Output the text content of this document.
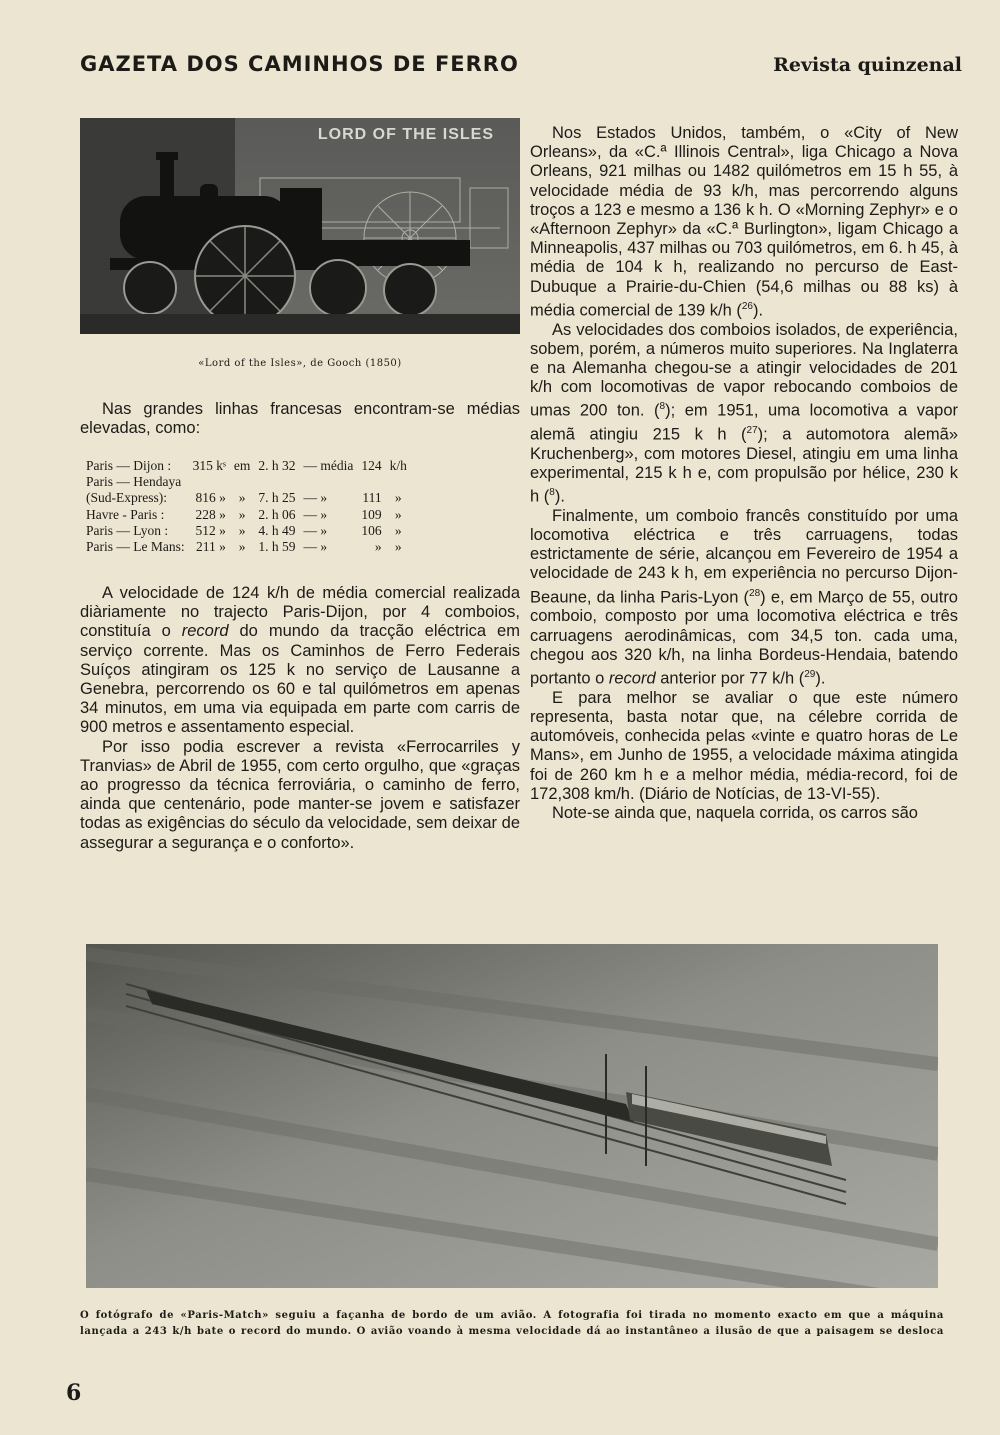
GAZETA DOS CAMINHOS DE FERRO	Revista quinzenal
LORD OF THE ISLES
«Lord of the Isles», de Gooch (1850)

Nas grandes linhas francesas encontram-se médias elevadas, como:

Paris — Dijon :	315 kˢ	em	2. h 32	— média	124	k/h
Paris — Hendaya						
(Sud-Express):	816 »	»	7. h 25	— »	111	»
Havre - Paris :	228 »	»	2. h 06	— »	109	»
Paris — Lyon :	512 »	»	4. h 49	— »	106	»
Paris — Le Mans:	211 »	»	1. h 59	— »	»	»

A velocidade de 124 k/h de média comercial realizada diàriamente no trajecto Paris-Dijon, por 4 comboios, constituía o record do mundo da tracção eléctrica em serviço corrente. Mas os Caminhos de Ferro Federais Suíços atingiram os 125 k no serviço de Lausanne a Genebra, percorrendo os 60 e tal quilómetros em apenas 34 minutos, em uma via equipada em parte com carris de 900 metros e assentamento especial.

Por isso podia escrever a revista «Ferrocarriles y Tranvias» de Abril de 1955, com certo orgulho, que «graças ao progresso da técnica ferroviária, o caminho de ferro, ainda que centenário, pode manter-se jovem e satisfazer todas as exigências do século da velocidade, sem deixar de assegurar a segurança e o conforto».

Nos Estados Unidos, também, o «City of New Orleans», da «C.ª Illinois Central», liga Chicago a Nova Orleans, 921 milhas ou 1482 quilómetros em 15 h 55, à velocidade média de 93 k/h, mas percorrendo alguns troços a 123 e mesmo a 136 k h. O «Morning Zephyr» e o «Afternoon Zephyr» da «C.ª Burlington», ligam Chicago a Minneapolis, 437 milhas ou 703 quilómetros, em 6. h 45, à média de 104 k h, realizando no percurso de East-Dubuque a Prairie-du-Chien (54,6 milhas ou 88 ks) à média comercial de 139 k/h ($^{26}$).

As velocidades dos comboios isolados, de experiência, sobem, porém, a números muito superiores. Na Inglaterra e na Alemanha chegou-se a atingir velocidades de 201 k/h com locomotivas de vapor rebocando comboios de umas 200 ton. ($^8$); em 1951, uma locomotiva a vapor alemã atingiu 215 k h ($^{27}$); a automotora alemã» Kruchenberg», com motores Diesel, atingiu em uma linha experimental, 215 k h e, com propulsão por hélice, 230 k h ($^8$).

Finalmente, um comboio francês constituído por uma locomotiva eléctrica e três carruagens, todas estrictamente de série, alcançou em Fevereiro de 1954 a velocidade de 243 k h, em experiência no percurso Dijon-Beaune, da linha Paris-Lyon ($^{28}$) e, em Março de 55, outro comboio, composto por uma locomotiva eléctrica e três carruagens aerodinâmicas, com 34,5 ton. cada uma, chegou aos 320 k/h, na linha Bordeus-Hendaia, batendo portanto o record anterior por 77 k/h ($^{29}$).

E para melhor se avaliar o que este número representa, basta notar que, na célebre corrida de automóveis, conhecida pelas «vinte e quatro horas de Le Mans», em Junho de 1955, a velocidade máxima atingida foi de 260 km h e a melhor média, média-record, foi de 172,308 km/h. (Diário de Notícias, de 13-VI-55).

Note-se ainda que, naquela corrida, os carros são

O fotógrafo de «Paris-Match» seguiu a façanha de bordo de um avião. A fotografia foi tirada no momento exacto em que a máquina lançada a 243 k/h bate o record do mundo. O avião voando à mesma velocidade dá ao instantâneo a ilusão de que a paisagem se desloca
6
